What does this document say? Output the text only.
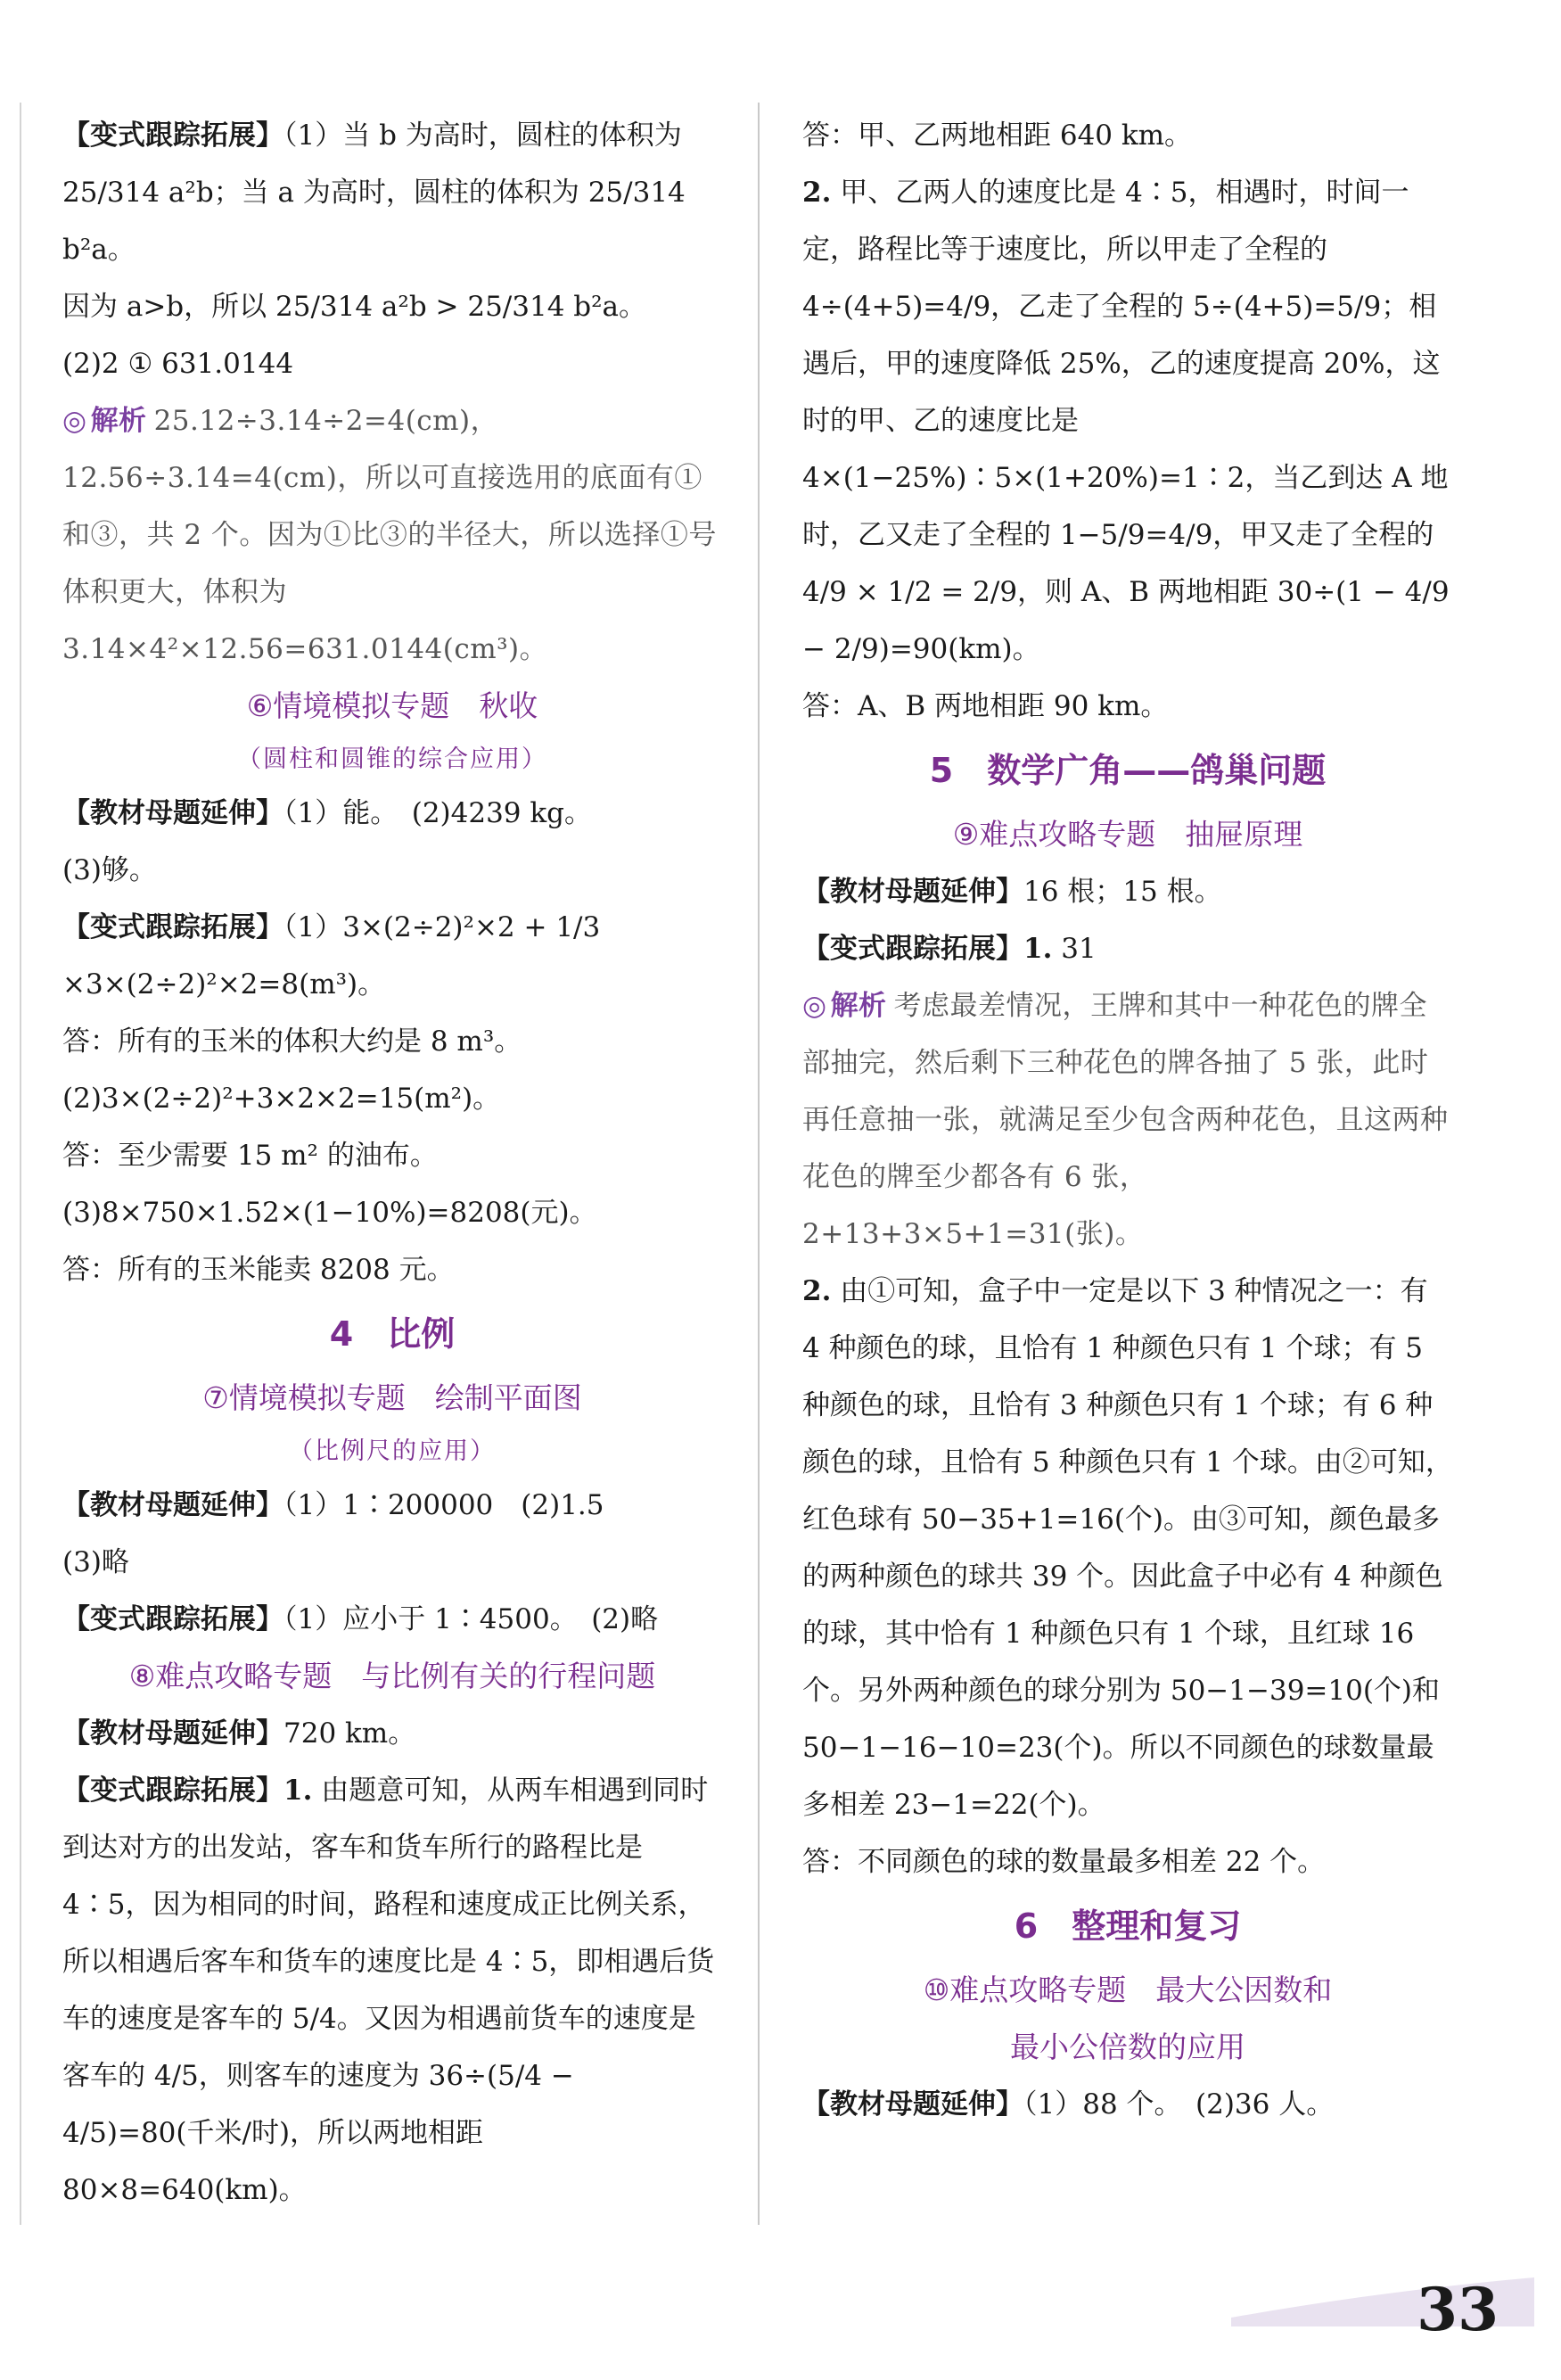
【变式跟踪拓展】（1）当 b 为高时，圆柱的体积为 25/314 a²b；当 a 为高时，圆柱的体积为 25/314 b²a。

因为 a>b，所以 25/314 a²b > 25/314 b²a。

(2)2 ① 631.0144

◎ 解析 25.12÷3.14÷2=4(cm)，12.56÷3.14=4(cm)，所以可直接选用的底面有①和③，共 2 个。因为①比③的半径大，所以选择①号体积更大，体积为 3.14×4²×12.56=631.0144(cm³)。

⑥情境模拟专题　秋收

（圆柱和圆锥的综合应用）

【教材母题延伸】（1）能。　(2)4239 kg。

(3)够。

【变式跟踪拓展】（1）3×(2÷2)²×2 + 1/3 ×3×(2÷2)²×2=8(m³)。

答：所有的玉米的体积大约是 8 m³。

(2)3×(2÷2)²+3×2×2=15(m²)。

答：至少需要 15 m² 的油布。

(3)8×750×1.52×(1−10%)=8208(元)。

答：所有的玉米能卖 8208 元。

4　比例

⑦情境模拟专题　绘制平面图

（比例尺的应用）

【教材母题延伸】（1）1∶200000　(2)1.5

(3)略

【变式跟踪拓展】（1）应小于 1∶4500。　(2)略

⑧难点攻略专题　与比例有关的行程问题

【教材母题延伸】720 km。

【变式跟踪拓展】1. 由题意可知，从两车相遇到同时到达对方的出发站，客车和货车所行的路程比是 4∶5，因为相同的时间，路程和速度成正比例关系，所以相遇后客车和货车的速度比是 4∶5，即相遇后货车的速度是客车的 5/4。又因为相遇前货车的速度是客车的 4/5，则客车的速度为 36÷(5/4 − 4/5)=80(千米/时)，所以两地相距 80×8=640(km)。

答：甲、乙两地相距 640 km。

2. 甲、乙两人的速度比是 4∶5，相遇时，时间一定，路程比等于速度比，所以甲走了全程的 4÷(4+5)=4/9，乙走了全程的 5÷(4+5)=5/9；相遇后，甲的速度降低 25%，乙的速度提高 20%，这时的甲、乙的速度比是 4×(1−25%)∶5×(1+20%)=1∶2，当乙到达 A 地时，乙又走了全程的 1−5/9=4/9，甲又走了全程的 4/9 × 1/2 = 2/9，则 A、B 两地相距 30÷(1 − 4/9 − 2/9)=90(km)。

答：A、B 两地相距 90 km。

5　数学广角——鸽巢问题

⑨难点攻略专题　抽屉原理

【教材母题延伸】16 根；15 根。

【变式跟踪拓展】1. 31

◎ 解析 考虑最差情况，王牌和其中一种花色的牌全部抽完，然后剩下三种花色的牌各抽了 5 张，此时再任意抽一张，就满足至少包含两种花色，且这两种花色的牌至少都各有 6 张，2+13+3×5+1=31(张)。

2. 由①可知，盒子中一定是以下 3 种情况之一：有 4 种颜色的球，且恰有 1 种颜色只有 1 个球；有 5 种颜色的球，且恰有 3 种颜色只有 1 个球；有 6 种颜色的球，且恰有 5 种颜色只有 1 个球。由②可知，红色球有 50−35+1=16(个)。由③可知，颜色最多的两种颜色的球共 39 个。因此盒子中必有 4 种颜色的球，其中恰有 1 种颜色只有 1 个球，且红球 16 个。另外两种颜色的球分别为 50−1−39=10(个)和 50−1−16−10=23(个)。所以不同颜色的球数量最多相差 23−1=22(个)。

答：不同颜色的球的数量最多相差 22 个。

6　整理和复习

⑩难点攻略专题　最大公因数和

最小公倍数的应用

【教材母题延伸】（1）88 个。　(2)36 人。

33
